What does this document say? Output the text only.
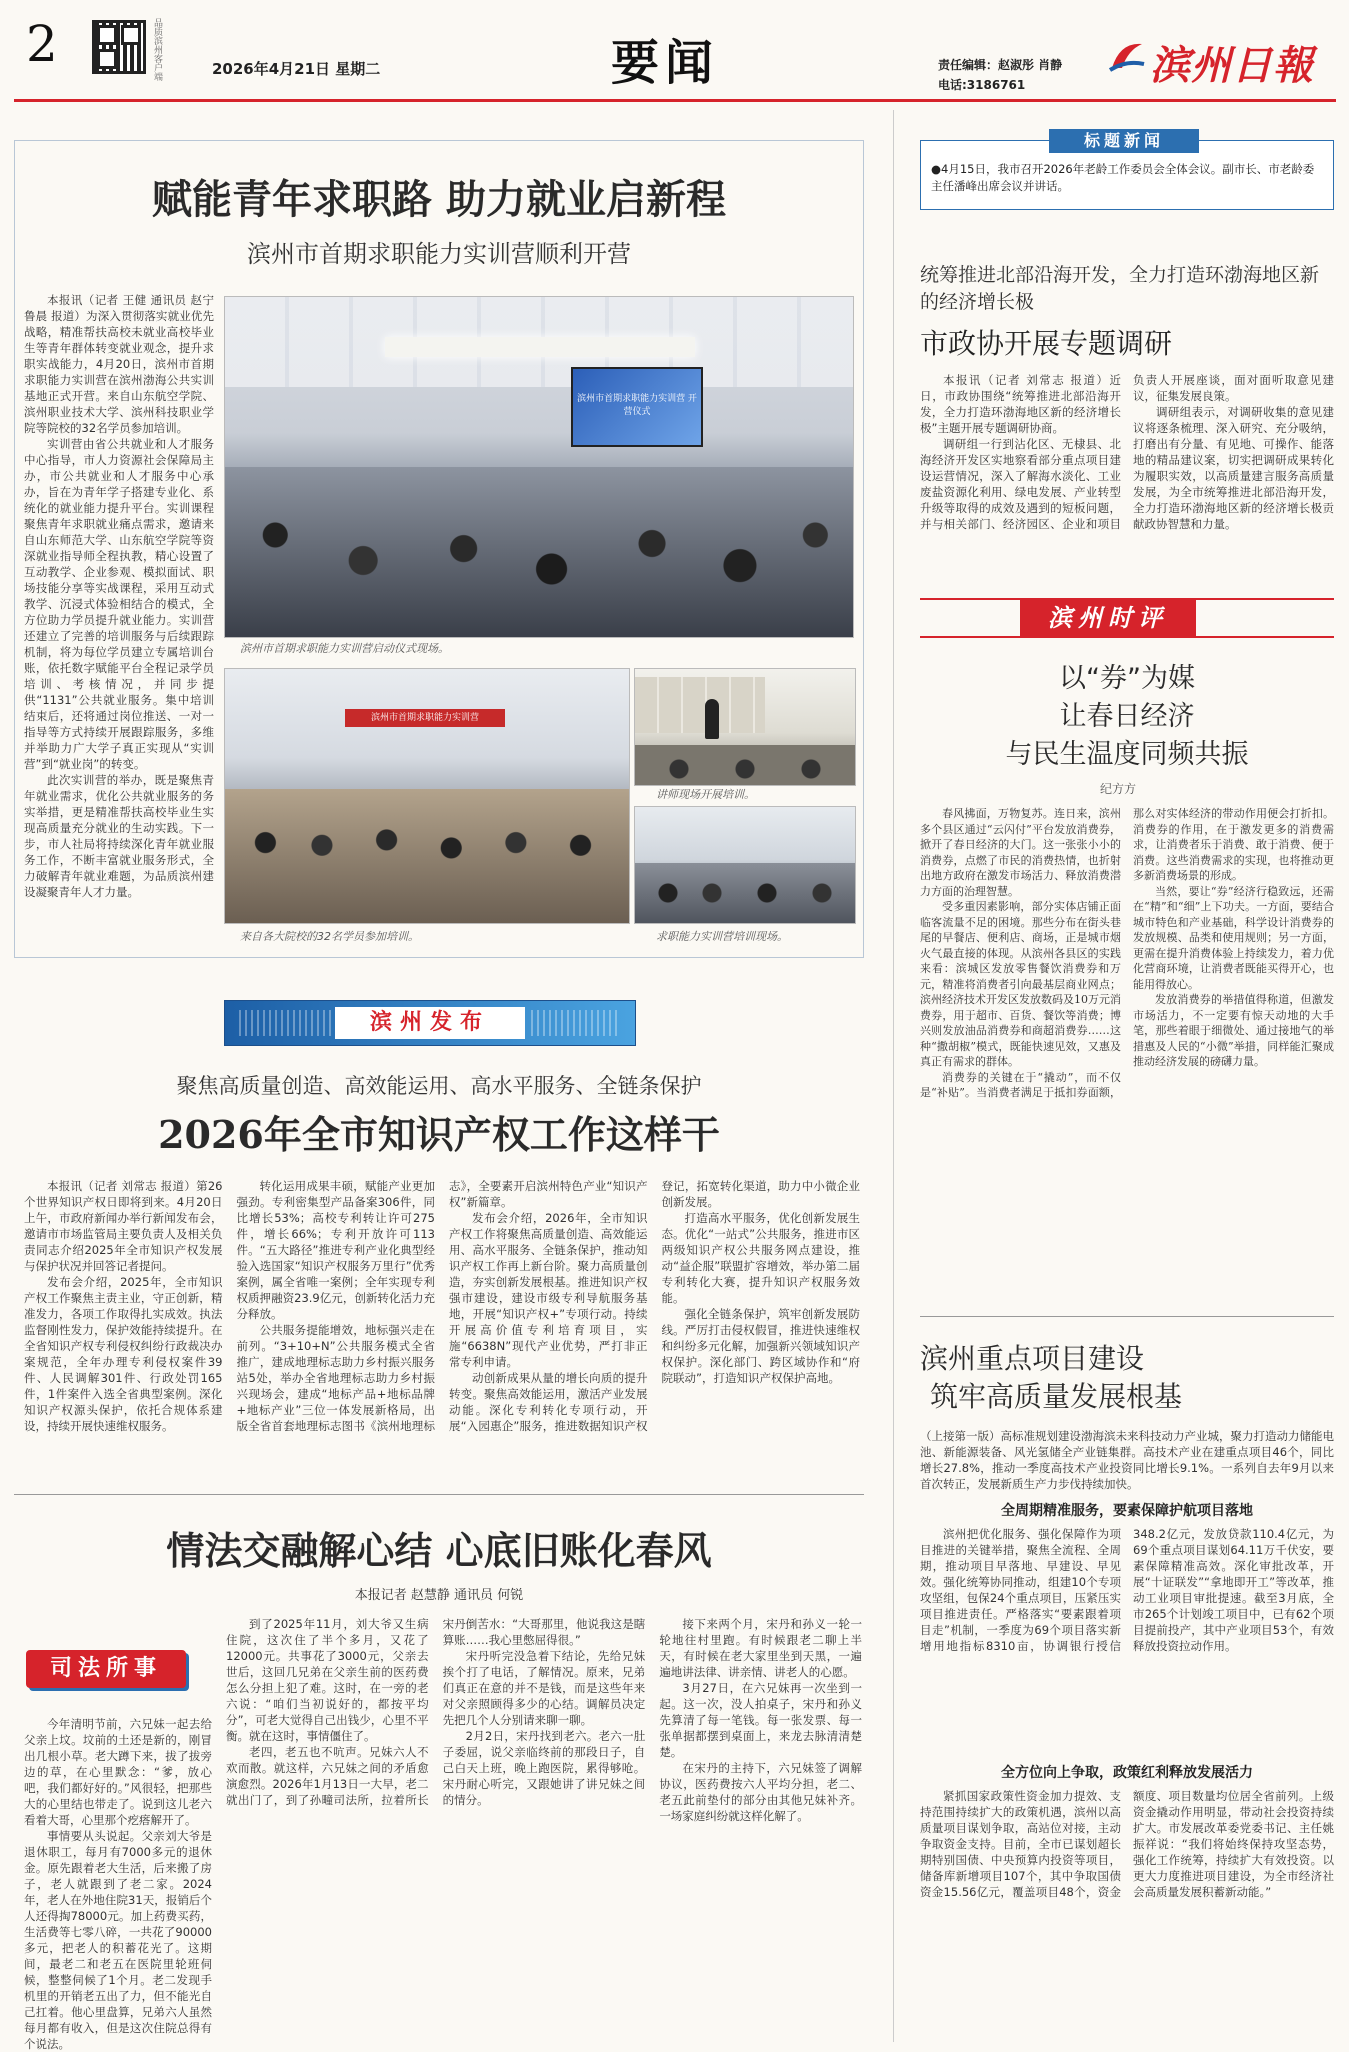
2	品质滨州客户端	2026年4月21日 星期二	要闻	责任编辑：赵淑彤 肖静
电话:3186761	滨州日報
赋能青年求职路 助力就业启新程
滨州市首期求职能力实训营顺利开营

本报讯（记者 王健 通讯员 赵宁 鲁晨 报道）为深入贯彻落实就业优先战略，精准帮扶高校未就业高校毕业生等青年群体转变就业观念，提升求职实战能力，4月20日，滨州市首期求职能力实训营在滨州渤海公共实训基地正式开营。来自山东航空学院、滨州职业技术大学、滨州科技职业学院等院校的32名学员参加培训。

实训营由省公共就业和人才服务中心指导，市人力资源社会保障局主办，市公共就业和人才服务中心承办，旨在为青年学子搭建专业化、系统化的就业能力提升平台。实训课程聚焦青年求职就业痛点需求，邀请来自山东师范大学、山东航空学院等资深就业指导师全程执教，精心设置了互动教学、企业参观、模拟面试、职场技能分享等实战课程，采用互动式教学、沉浸式体验相结合的模式，全方位助力学员提升就业能力。实训营还建立了完善的培训服务与后续跟踪机制，将为每位学员建立专属培训台账，依托数字赋能平台全程记录学员培训、考核情况，并同步提供“1131”公共就业服务。集中培训结束后，还将通过岗位推送、一对一指导等方式持续开展跟踪服务，多维并举助力广大学子真正实现从“实训营”到“就业岗”的转变。

此次实训营的举办，既是聚焦青年就业需求，优化公共就业服务的务实举措，更是精准帮扶高校毕业生实现高质量充分就业的生动实践。下一步，市人社局将持续深化青年就业服务工作，不断丰富就业服务形式，全力破解青年就业难题，为品质滨州建设凝聚青年人才力量。

滨州市首期求职能力实训营 开营仪式
滨州市首期求职能力实训营启动仪式现场。
滨州市首期求职能力实训营
来自各大院校的32名学员参加培训。
讲师现场开展培训。
求职能力实训营培训现场。
标题新闻
●4月15日，我市召开2026年老龄工作委员会全体会议。副市长、市老龄委主任潘峰出席会议并讲话。
统筹推进北部沿海开发，全力打造环渤海地区新的经济增长极
市政协开展专题调研

本报讯（记者 刘常志 报道）近日，市政协围绕“统筹推进北部沿海开发，全力打造环渤海地区新的经济增长极”主题开展专题调研协商。

调研组一行到沾化区、无棣县、北海经济开发区实地察看部分重点项目建设运营情况，深入了解海水淡化、工业废盐资源化利用、绿电发展、产业转型升级等取得的成效及遇到的短板问题，并与相关部门、经济园区、企业和项目负责人开展座谈，面对面听取意见建议，征集发展良策。

调研组表示，对调研收集的意见建议将逐条梳理、深入研究、充分吸纳，打磨出有分量、有见地、可操作、能落地的精品建议案，切实把调研成果转化为履职实效，以高质量建言服务高质量发展，为全市统筹推进北部沿海开发，全力打造环渤海地区新的经济增长极贡献政协智慧和力量。

滨州时评
以“券”为媒
让春日经济
与民生温度同频共振
纪方方

春风拂面，万物复苏。连日来，滨州多个县区通过“云闪付”平台发放消费券，掀开了春日经济的大门。这一张张小小的消费券，点燃了市民的消费热情，也折射出地方政府在激发市场活力、释放消费潜力方面的治理智慧。

受多重因素影响，部分实体店铺正面临客流量不足的困境。那些分布在街头巷尾的早餐店、便利店、商场，正是城市烟火气最直接的体现。从滨州各县区的实践来看：滨城区发放零售餐饮消费券和万元，精准将消费者引向最基层商业网点；滨州经济技术开发区发放数码及10万元消费券，用于超市、百货、餐饮等消费；博兴则发放油品消费券和商超消费券……这种“撒胡椒”模式，既能快速见效，又惠及真正有需求的群体。

消费券的关键在于“撬动”，而不仅是“补贴”。当消费者满足于抵扣券面额，那么对实体经济的带动作用便会打折扣。消费券的作用，在于激发更多的消费需求，让消费者乐于消费、敢于消费、便于消费。这些消费需求的实现，也将推动更多新消费场景的形成。

当然，要让“券”经济行稳致远，还需在“精”和“细”上下功夫。一方面，要结合城市特色和产业基础，科学设计消费券的发放规模、品类和使用规则；另一方面，更需在提升消费体验上持续发力，着力优化营商环境，让消费者既能买得开心，也能用得放心。

发放消费券的举措值得称道，但激发市场活力，不一定要有惊天动地的大手笔，那些着眼于细微处、通过接地气的举措惠及人民的“小微”举措，同样能汇聚成推动经济发展的磅礴力量。

滨州发布
聚焦高质量创造、高效能运用、高水平服务、全链条保护
2026年全市知识产权工作这样干

本报讯（记者 刘常志 报道）第26个世界知识产权日即将到来。4月20日上午，市政府新闻办举行新闻发布会，邀请市市场监管局主要负责人及相关负责同志介绍2025年全市知识产权发展与保护状况并回答记者提问。

发布会介绍，2025年，全市知识产权工作聚焦主责主业，守正创新，精准发力，各项工作取得扎实成效。执法监督刚性发力，保护效能持续提升。在全省知识产权专利侵权纠纷行政裁决办案规范，全年办理专利侵权案件39件、人民调解301件、行政处罚165件，1件案件入选全省典型案例。深化知识产权源头保护，依托合规体系建设，持续开展快速维权服务。

转化运用成果丰硕，赋能产业更加强劲。专利密集型产品备案306件，同比增长53%；高校专利转让许可275件，增长66%；专利开放许可113件。“五大路径”推进专利产业化典型经验入选国家“知识产权服务万里行”优秀案例，属全省唯一案例；全年实现专利权质押融资23.9亿元，创新转化活力充分释放。

公共服务提能增效，地标强兴走在前列。“3+10+N”公共服务模式全省推广，建成地理标志助力乡村振兴服务站5处，举办全省地理标志助力乡村振兴现场会，建成“地标产品+地标品牌+地标产业”三位一体发展新格局，出版全省首套地理标志图书《滨州地理标志》，全要素开启滨州特色产业“知识产权”新篇章。

发布会介绍，2026年，全市知识产权工作将聚焦高质量创造、高效能运用、高水平服务、全链条保护，推动知识产权工作再上新台阶。聚力高质量创造，夯实创新发展根基。推进知识产权强市建设，建设市级专利导航服务基地，开展“知识产权+”专项行动。持续开展高价值专利培育项目，实施“6638N”现代产业优势，严打非正常专利申请。

动创新成果从量的增长向质的提升转变。聚焦高效能运用，激活产业发展动能。深化专利转化专项行动，开展“入园惠企”服务，推进数据知识产权登记，拓宽转化渠道，助力中小微企业创新发展。

打造高水平服务，优化创新发展生态。优化“一站式”公共服务，推进市区两级知识产权公共服务网点建设，推动“益企服”联盟扩容增效，举办第二届专利转化大赛，提升知识产权服务效能。

强化全链条保护，筑牢创新发展防线。严厉打击侵权假冒，推进快速维权和纠纷多元化解，加强新兴领域知识产权保护。深化部门、跨区域协作和“府院联动”，打造知识产权保护高地。

情法交融解心结 心底旧账化春风
本报记者 赵慧静 通讯员 何锐
司法所事

今年清明节前，六兄妹一起去给父亲上坟。坟前的土还是新的，刚冒出几根小草。老大蹲下来，拔了拔旁边的草，在心里默念：“爹，放心吧，我们都好好的。”风很轻，把那些大的心里结也带走了。说到这儿老六看着大哥，心里那个疙瘩解开了。

事情要从头说起。父亲刘大爷是退休职工，每月有7000多元的退休金。原先跟着老大生活，后来搬了房子，老人就跟到了老二家。2024年，老人在外地住院31天，报销后个人还得掏78000元。加上药费买药，生活费等七零八碎，一共花了90000多元，把老人的积蓄花光了。这期间，最老二和老五在医院里轮班伺候，整整伺候了1个月。老二发现手机里的开销老五出了力，但不能光自己扛着。他心里盘算，兄弟六人虽然每月都有收入，但是这次住院总得有个说法。

到了2025年11月，刘大爷又生病住院，这次住了半个多月，又花了12000元。共事花了3000元，父亲去世后，这回几兄弟在父亲生前的医药费怎么分担上犯了难。这时，在一旁的老六说：“咱们当初说好的，都按平均分”，可老大觉得自己出钱少，心里不平衡。就在这时，事情僵住了。

老四，老五也不吭声。兄妹六人不欢而散。就这样，六兄妹之间的矛盾愈演愈烈。2026年1月13日一大早，老二就出门了，到了孙疃司法所，拉着所长宋丹倒苦水：“大哥那里，他说我这是瞎算账……我心里憋屈得很。”

宋丹听完没急着下结论，先给兄妹挨个打了电话，了解情况。原来，兄弟们真正在意的并不是钱，而是这些年来对父亲照顾得多少的心结。调解员决定先把几个人分别请来聊一聊。

2月2日，宋丹找到老六。老六一肚子委屈，说父亲临终前的那段日子，自己白天上班，晚上跑医院，累得够呛。宋丹耐心听完，又跟她讲了讲兄妹之间的情分。

接下来两个月，宋丹和孙义一轮一轮地往村里跑。有时候跟老二聊上半天，有时候在老大家里坐到天黑，一遍遍地讲法律、讲亲情、讲老人的心愿。

3月27日，在六兄妹再一次坐到一起。这一次，没人拍桌子，宋丹和孙义先算清了每一笔钱。每一张发票、每一张单据都摆到桌面上，来龙去脉清清楚楚。

在宋丹的主持下，六兄妹签了调解协议，医药费按六人平均分担，老二、老五此前垫付的部分由其他兄妹补齐。一场家庭纠纷就这样化解了。

滨州重点项目建设
筑牢高质量发展根基
（上接第一版）高标准规划建设渤海滨未来科技动力产业城，聚力打造动力储能电池、新能源装备、风光氢储全产业链集群。高技术产业在建重点项目46个，同比增长27.8%，推动一季度高技术产业投资同比增长9.1%。一系列自去年9月以来首次转正，发展新质生产力步伐持续加快。
全周期精准服务，要素保障护航项目落地

滨州把优化服务、强化保障作为项目推进的关键举措，聚焦全流程、全周期，推动项目早落地、早建设、早见效。强化统筹协同推动，组建10个专项攻坚组，包保24个重点项目，压紧压实项目推进责任。严格落实“要素跟着项目走”机制，一季度为69个项目落实新增用地指标8310亩，协调银行授信348.2亿元，发放贷款110.4亿元，为69个重点项目谋划64.11万千伏安，要素保障精准高效。深化审批改革，开展“十证联发”“拿地即开工”等改革，推动工业项目审批提速。截至3月底，全市265个计划竣工项目中，已有62个项目提前投产，其中产业项目53个，有效释放投资拉动作用。

全方位向上争取，政策红利释放发展活力

紧抓国家政策性资金加力提效、支持范围持续扩大的政策机遇，滨州以高质量项目谋划争取，高站位对接，主动争取资金支持。目前，全市已谋划超长期特别国债、中央预算内投资等项目，储备库新增项目107个，其中争取国债资金15.56亿元，覆盖项目48个，资金额度、项目数量均位居全省前列。上级资金撬动作用明显，带动社会投资持续扩大。市发展改革委党委书记、主任姚振祥说：“我们将始终保持攻坚态势，强化工作统筹，持续扩大有效投资。以更大力度推进项目建设，为全市经济社会高质量发展积蓄新动能。”
